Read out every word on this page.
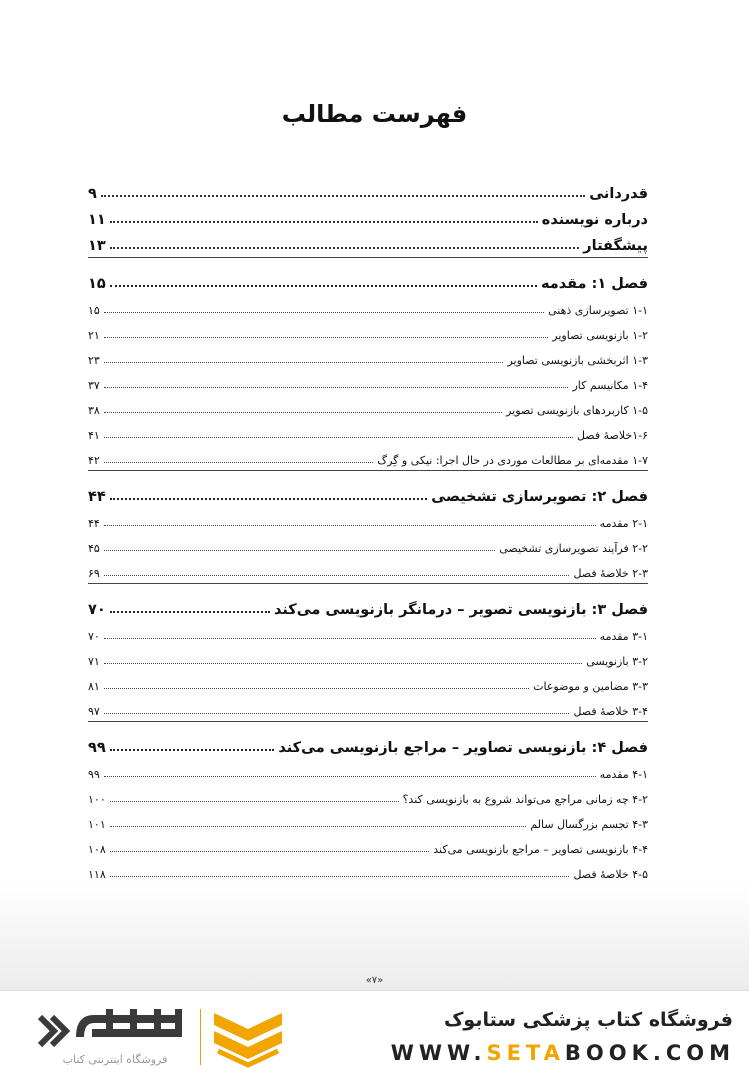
فهرست مطالب
قدردانی
۹
درباره نویسنده
۱۱
پیشگفتار
۱۳
فصل ۱: مقدمه
۱۵
۱-۱ تصویرسازی ذهنی
۱۵
۱-۲ بازنویسی تصاویر
۲۱
۱-۳ اثربخشی بازنویسی تصاویر
۲۳
۱-۴ مکانیسم کار
۳۷
۱-۵ کاربردهای بازنویسی تصویر
۳۸
۱-۶خلاصهٔ فصل
۴۱
۱-۷ مقدمه‌ای بر مطالعات موردی در حال اجرا: نیکی و گِرگ
۴۲
فصل ۲: تصویرسازی تشخیصی
۴۴
۲-۱ مقدمه
۴۴
۲-۲ فرآیند تصویرسازی تشخیصی
۴۵
۲-۳ خلاصهٔ فصل
۶۹
فصل ۳: بازنویسی تصویر – درمانگر بازنویسی می‌کند
۷۰
۳-۱ مقدمه
۷۰
۳-۲ بازنویسی
۷۱
۳-۳ مضامین و موضوعات
۸۱
۳-۴ خلاصهٔ فصل
۹۷
فصل ۴: بازنویسی تصاویر – مراجع بازنویسی می‌کند
۹۹
۴-۱ مقدمه
۹۹
۴-۲ چه زمانی مراجع می‌تواند شروع به بازنویسی کند؟
۱۰۰
۴-۳ تجسم بزرگسال سالم
۱۰۱
۴-۴ بازنویسی تصاویر – مراجع بازنویسی می‌کند
۱۰۸
۴-۵ خلاصهٔ فصل
۱۱۸
«۷»
فروشگاه اینترنتی کتاب
فروشگاه کتاب پزشکی ستابوک
WWW.SETABOOK.COM
